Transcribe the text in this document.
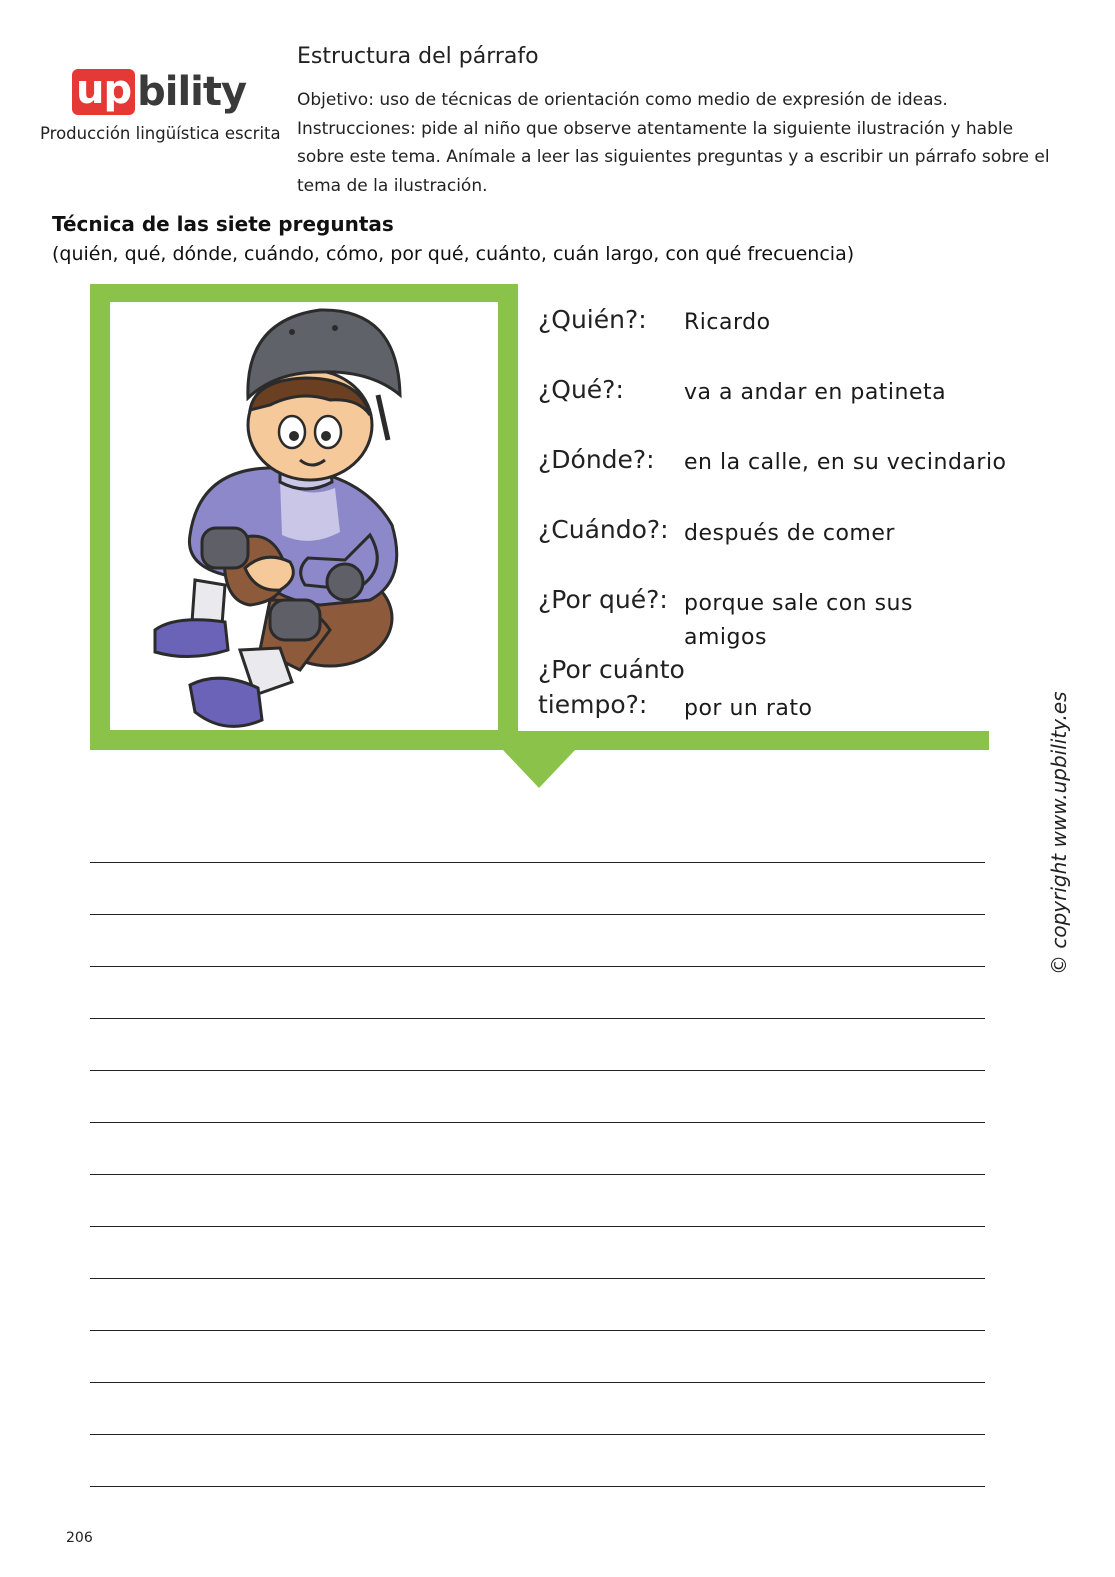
up bility
Producción lingüística escrita
Estructura del párrafo

Objetivo: uso de técnicas de orientación como medio de expresión de ideas.

Instrucciones: pide al niño que observe atentamente la siguiente ilustración y hable sobre este tema. Anímale a leer las siguientes preguntas y a escribir un párrafo sobre el tema de la ilustración.

Técnica de las siete preguntas
(quién, qué, dónde, cuándo, cómo, por qué, cuánto, cuán largo, con qué frecuencia)
¿Quién?: Ricardo
¿Qué?:	va a andar en patineta
¿Dónde?: en la calle, en su vecindario
¿Cuándo?: después de comer
¿Por qué?: porque sale con sus
amigos
¿Por cuánto
tiempo?: por un rato	© copyright www.upbility.es
206
